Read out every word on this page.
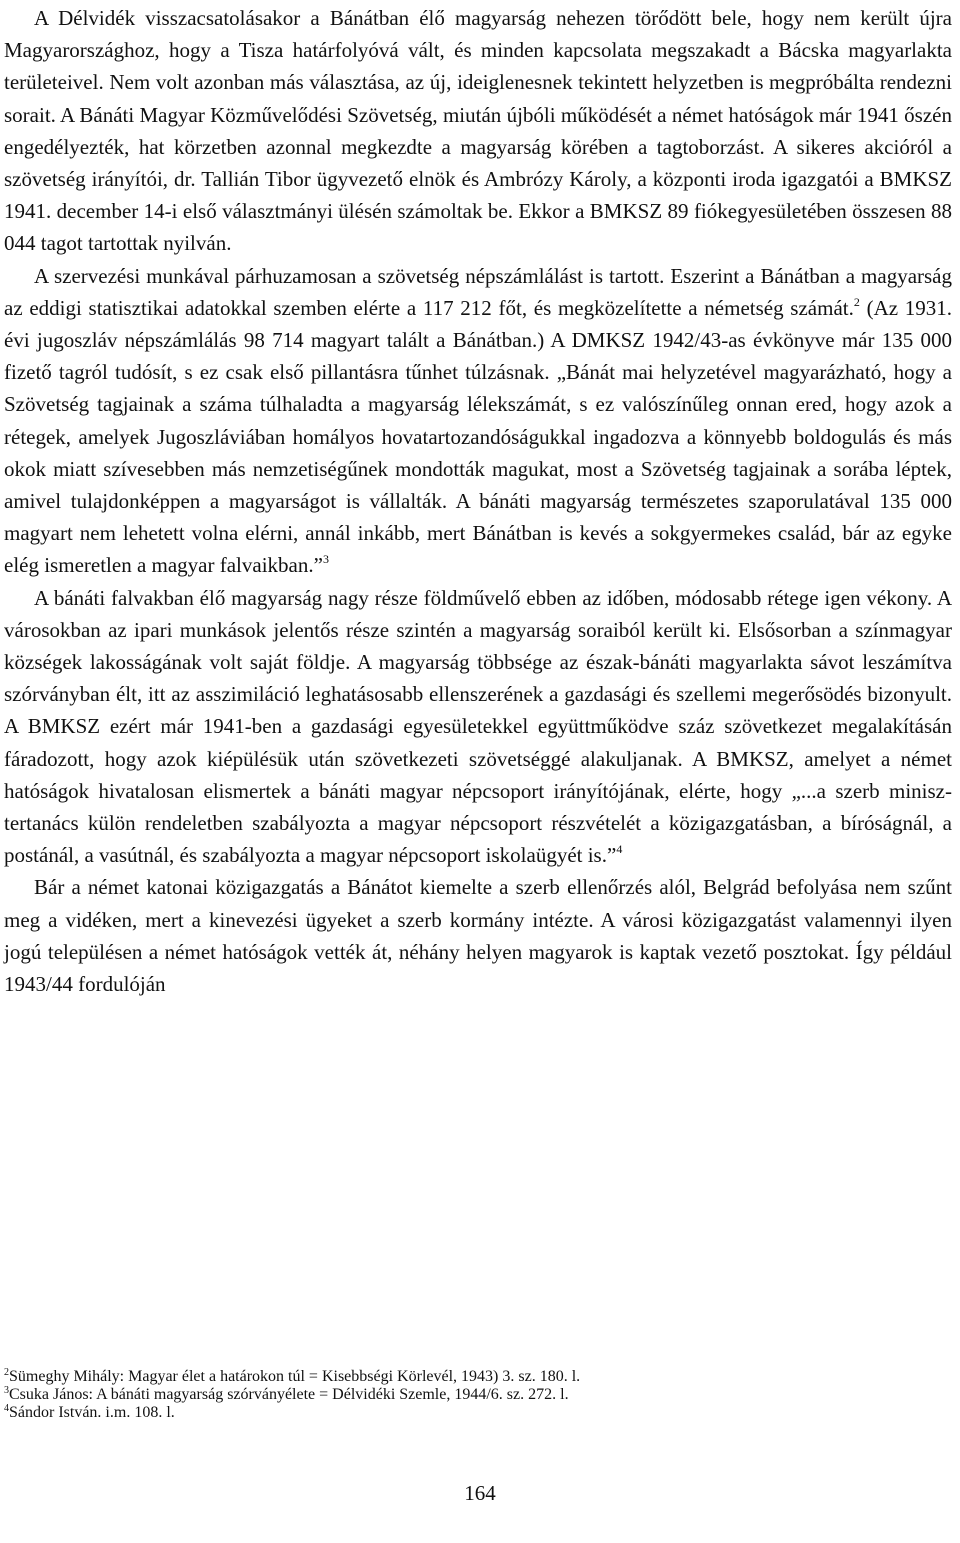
A Délvidék visszacsatolásakor a Bánátban élő magyarság nehezen törődött bele, hogy nem került újra Magyarországhoz, hogy a Tisza határfolyóvá vált, és minden kapcsolata megszakadt a Bácska magyarlakta területeivel. Nem volt azonban más választása, az új, ideiglenesnek tekintett helyzetben is megpróbálta rendezni sorait. A Bánáti Magyar Közművelődési Szövetség, miután újbóli működését a német hatóságok már 1941 őszén engedélyezték, hat körzetben azonnal megkezdte a magyarság körében a tagtoborzást. A sikeres akcióról a szövetség irányítói, dr. Tallián Tibor ügyvezető elnök és Ambrózy Károly, a központi iroda igazgatói a BMKSZ 1941. december 14-i első választmányi ülésén számoltak be. Ekkor a BMKSZ 89 fiókegyesületében összesen 88 044 tagot tartottak nyilván.

A szervezési munkával párhuzamosan a szövetség népszámlálást is tartott. Eszerint a Bánátban a magyarság az eddigi statisztikai adatokkal szemben elérte a 117 212 főt, és megközelítette a németség számát.$^2$ (Az 1931. évi jugoszláv népszámlálás 98 714 magyart talált a Bánátban.) A DMKSZ 1942/43-as évkönyve már 135 000 fizető tagról tudósít, s ez csak első pillantásra tűnhet túlzásnak. „Bánát mai helyzetével magyarázható, hogy a Szövetség tagjainak a száma túlhaladta a magyarság lélekszámát, s ez valószínűleg onnan ered, hogy azok a rétegek, amelyek Jugoszláviában homályos hovatartozandóságukkal ingadozva a könnyebb boldogulás és más okok miatt szívesebben más nemzetiségűnek mondották magukat, most a Szövetség tagjainak a sorába léptek, amivel tulajdonképpen a magyarságot is vállalták. A bánáti magyarság természetes szaporulatával 135 000 magyart nem lehetett volna elérni, annál inkább, mert Bánátban is kevés a sokgyermekes család, bár az egyke elég ismeretlen a magyar falvaikban.”$^3$

A bánáti falvakban élő magyarság nagy része földművelő ebben az időben, módosabb rétege igen vékony. A városokban az ipari munkások jelentős része szintén a magyarság soraiból került ki. Elsősorban a színmagyar községek lakosságának volt saját földje. A magyarság többsége az észak-bánáti magyarlakta sávot leszámítva szórványban élt, itt az asszimiláció leghatásosabb ellenszerének a gazdasági és szellemi megerősödés bizonyult. A BMKSZ ezért már 1941-ben a gazdasági egyesületekkel együttműködve száz szövetkezet megalakításán fáradozott, hogy azok kiépülésük után szövetkezeti szövetséggé alakuljanak. A BMKSZ, amelyet a német hatóságok hivatalosan elismertek a bánáti magyar népcsoport irányítójának, elérte, hogy „...a szerb minisztertanács külön rendeletben szabályozta a magyar népcsoport részvételét a közigazgatásban, a bíróságnál, a postánál, a vasútnál, és szabályozta a magyar népcsoport iskolaügyét is.”$^4$

Bár a német katonai közigazgatás a Bánátot kiemelte a szerb ellenőrzés alól, Belgrád befolyása nem szűnt meg a vidéken, mert a kinevezési ügyeket a szerb kormány intézte. A városi közigazgatást valamennyi ilyen jogú településen a német hatóságok vették át, néhány helyen magyarok is kaptak vezető posztokat. Így például 1943/44 fordulóján

$^2$Sümeghy Mihály: Magyar élet a határokon túl = Kisebbségi Körlevél, 1943) 3. sz. 180. l.

$^3$Csuka János: A bánáti magyarság szórványélete = Délvidéki Szemle, 1944/6. sz. 272. l.

$^4$Sándor István. i.m. 108. l.

164
